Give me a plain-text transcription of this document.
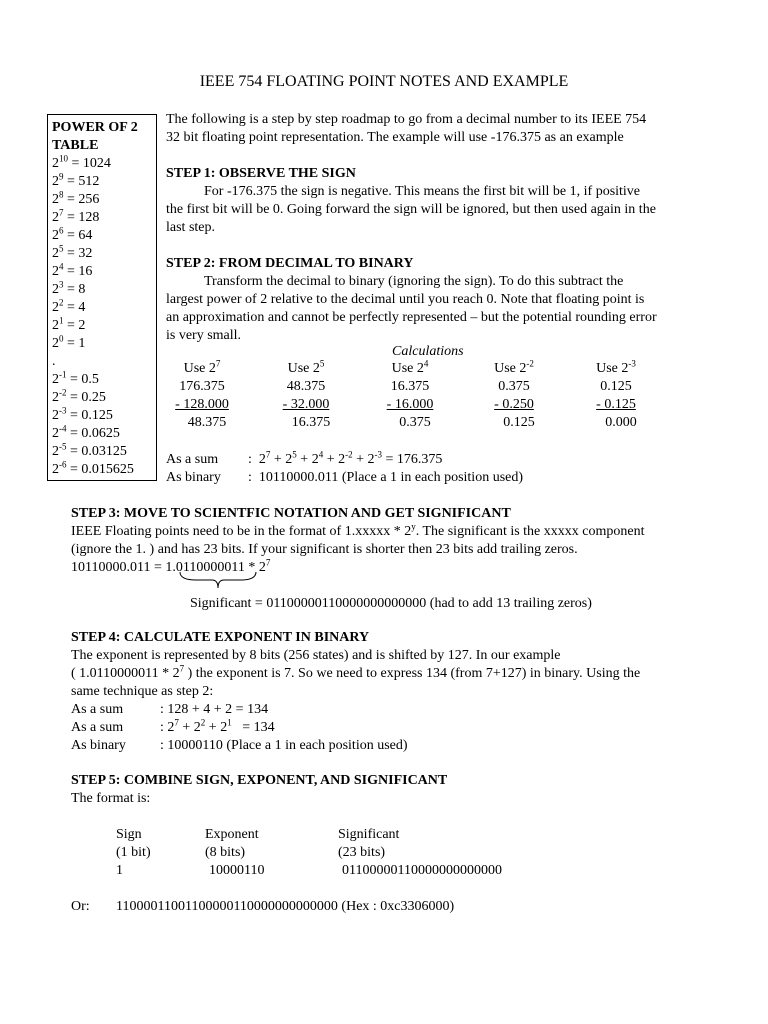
IEEE 754 FLOATING POINT NOTES AND EXAMPLE
POWER OF 2
TABLE
$2^{10} = 1024$
$2^9 = 512$
$2^8 = 256$
$2^7 = 128$
$2^6 = 64$
$2^5 = 32$
$2^4 = 16$
$2^3 = 8$
$2^2 = 4$
$2^1 = 2$
$2^0 = 1$
.
$2^{-1} = 0.5$
$2^{-2} = 0.25$
$2^{-3} = 0.125$
$2^{-4} = 0.0625$
$2^{-5} = 0.03125$
$2^{-6} = 0.015625$
The following is a step by step roadmap to go from a decimal number to its IEEE 754
32 bit floating point representation. The example will use -176.375 as an example
STEP 1: OBSERVE THE SIGN
For -176.375 the sign is negative. This means the first bit will be 1, if positive
the first bit will be 0. Going forward the sign will be ignored, but then used again in the
last step.
STEP 2: FROM DECIMAL TO BINARY
Transform the decimal to binary (ignoring the sign). To do this subtract the
largest power of 2 relative to the decimal until you reach 0. Note that floating point is
an approximation and cannot be perfectly represented – but the potential rounding error
is very small.
Calculations
Use $2^7$
176.375
- 128.000
48.375
Use $2^5$
48.375
- 32.000
16.375
Use $2^4$
16.375
- 16.000
0.375
Use $2^{-2}$
0.375
- 0.250
0.125
Use $2^{-3}$
0.125
- 0.125
0.000
As a sum : $2^7 + 2^5 + 2^4 + 2^{-2} + 2^{-3} = 176.375$
As binary :  10110000.011 (Place a 1 in each position used)
STEP 3: MOVE TO SCIENTFIC NOTATION AND GET SIGNIFICANT
IEEE Floating points need to be in the format of 1.xxxxx * 2$^y$. The significant is the xxxxx component
(ignore the 1. ) and has 23 bits. If your significant is shorter then 23 bits add trailing zeros.
$10110000.011 = 1.0110000011 * 2^7$
Significant = 01100000110000000000000 (had to add 13 trailing zeros)
STEP 4: CALCULATE EXPONENT IN BINARY
The exponent is represented by 8 bits (256 states) and is shifted by 127. In our example
( $1.0110000011 * 2^7$ ) the exponent is 7. So we need to express 134 (from 7+127) in binary. Using the
same technique as step 2:
As a sum	: 128 + 4 + 2 = 134
As a sum	: $2^7 + 2^2 + 2^1 = 134$
As binary : 10000110 (Place a 1 in each position used)
STEP 5: COMBINE SIGN, EXPONENT, AND SIGNIFICANT
The format is:
Sign
(1 bit)
1
Exponent
(8 bits)
10000110
Significant
(23 bits)
01100000110000000000000
Or: 11000011001100000110000000000000 (Hex : 0xc3306000)
